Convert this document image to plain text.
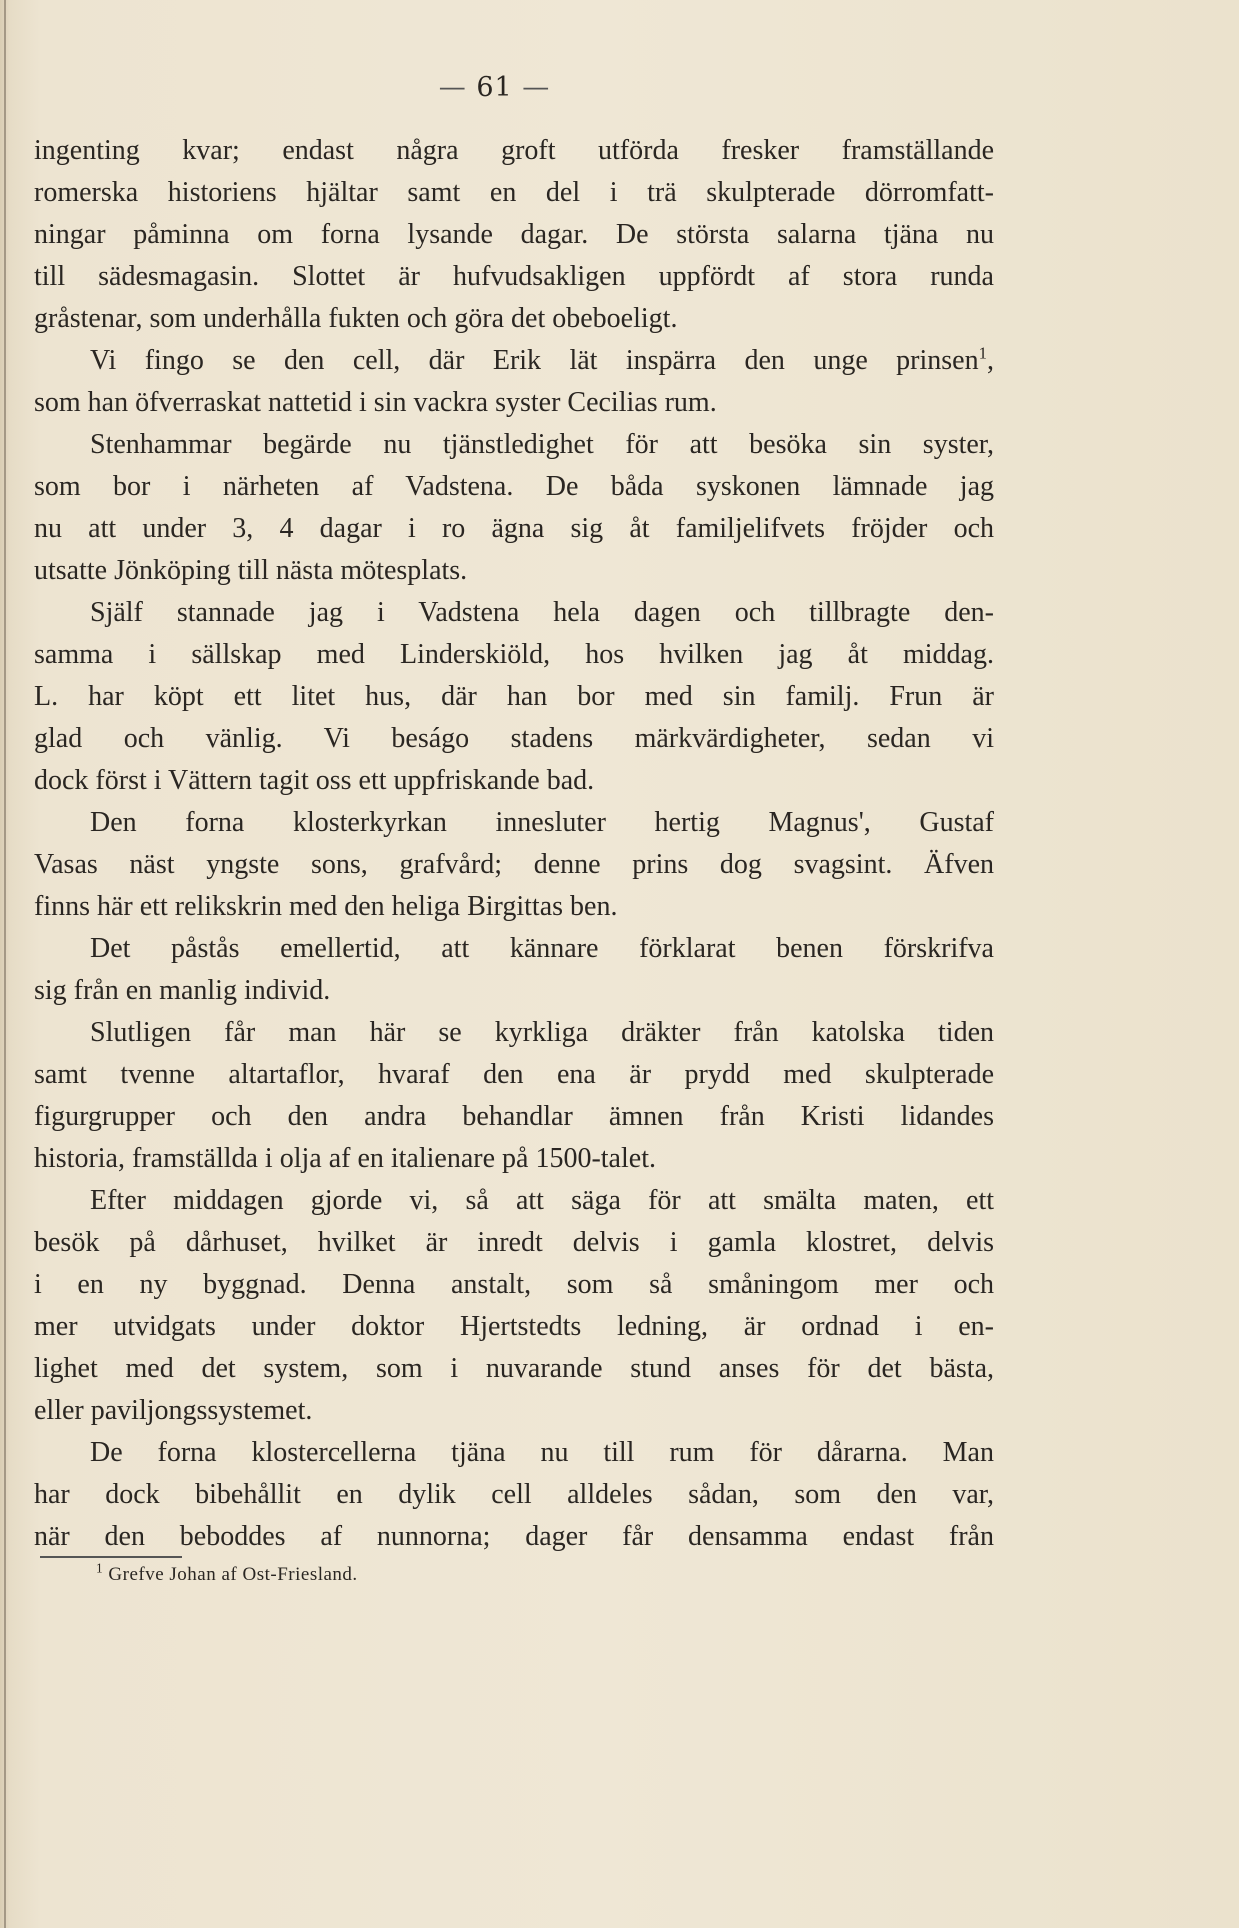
— 61 —
ingenting kvar; endast några groft utförda fresker framställande
romerska historiens hjältar samt en del i trä skulpterade dörromfatt-
ningar påminna om forna lysande dagar. De största salarna tjäna nu
till sädesmagasin. Slottet är hufvudsakligen uppfördt af stora runda
gråstenar, som underhålla fukten och göra det obeboeligt.
Vi fingo se den cell, där Erik lät inspärra den unge prinsen$^1$,
som han öfverraskat nattetid i sin vackra syster Cecilias rum.
Stenhammar begärde nu tjänstledighet för att besöka sin syster,
som bor i närheten af Vadstena. De båda syskonen lämnade jag
nu att under 3, 4 dagar i ro ägna sig åt familjelifvets fröjder och
utsatte Jönköping till nästa mötesplats.
Själf stannade jag i Vadstena hela dagen och tillbragte den-
samma i sällskap med Linderskiöld, hos hvilken jag åt middag.
L. har köpt ett litet hus, där han bor med sin familj. Frun är
glad och vänlig. Vi beságo stadens märkvärdigheter, sedan vi
dock först i Vättern tagit oss ett uppfriskande bad.
Den forna klosterkyrkan innesluter hertig Magnus', Gustaf
Vasas näst yngste sons, grafvård; denne prins dog svagsint. Äfven
finns här ett relikskrin med den heliga Birgittas ben.
Det påstås emellertid, att kännare förklarat benen förskrifva
sig från en manlig individ.
Slutligen får man här se kyrkliga dräkter från katolska tiden
samt tvenne altartaflor, hvaraf den ena är prydd med skulpterade
figurgrupper och den andra behandlar ämnen från Kristi lidandes
historia, framställda i olja af en italienare på 1500-talet.
Efter middagen gjorde vi, så att säga för att smälta maten, ett
besök på dårhuset, hvilket är inredt delvis i gamla klostret, delvis
i en ny byggnad. Denna anstalt, som så småningom mer och
mer utvidgats under doktor Hjertstedts ledning, är ordnad i en-
lighet med det system, som i nuvarande stund anses för det bästa,
eller paviljongssystemet.
De forna klostercellerna tjäna nu till rum för dårarna. Man
har dock bibehållit en dylik cell alldeles sådan, som den var,
när den beboddes af nunnorna; dager får densamma endast från
$^1$ Grefve Johan af Ost-Friesland.
